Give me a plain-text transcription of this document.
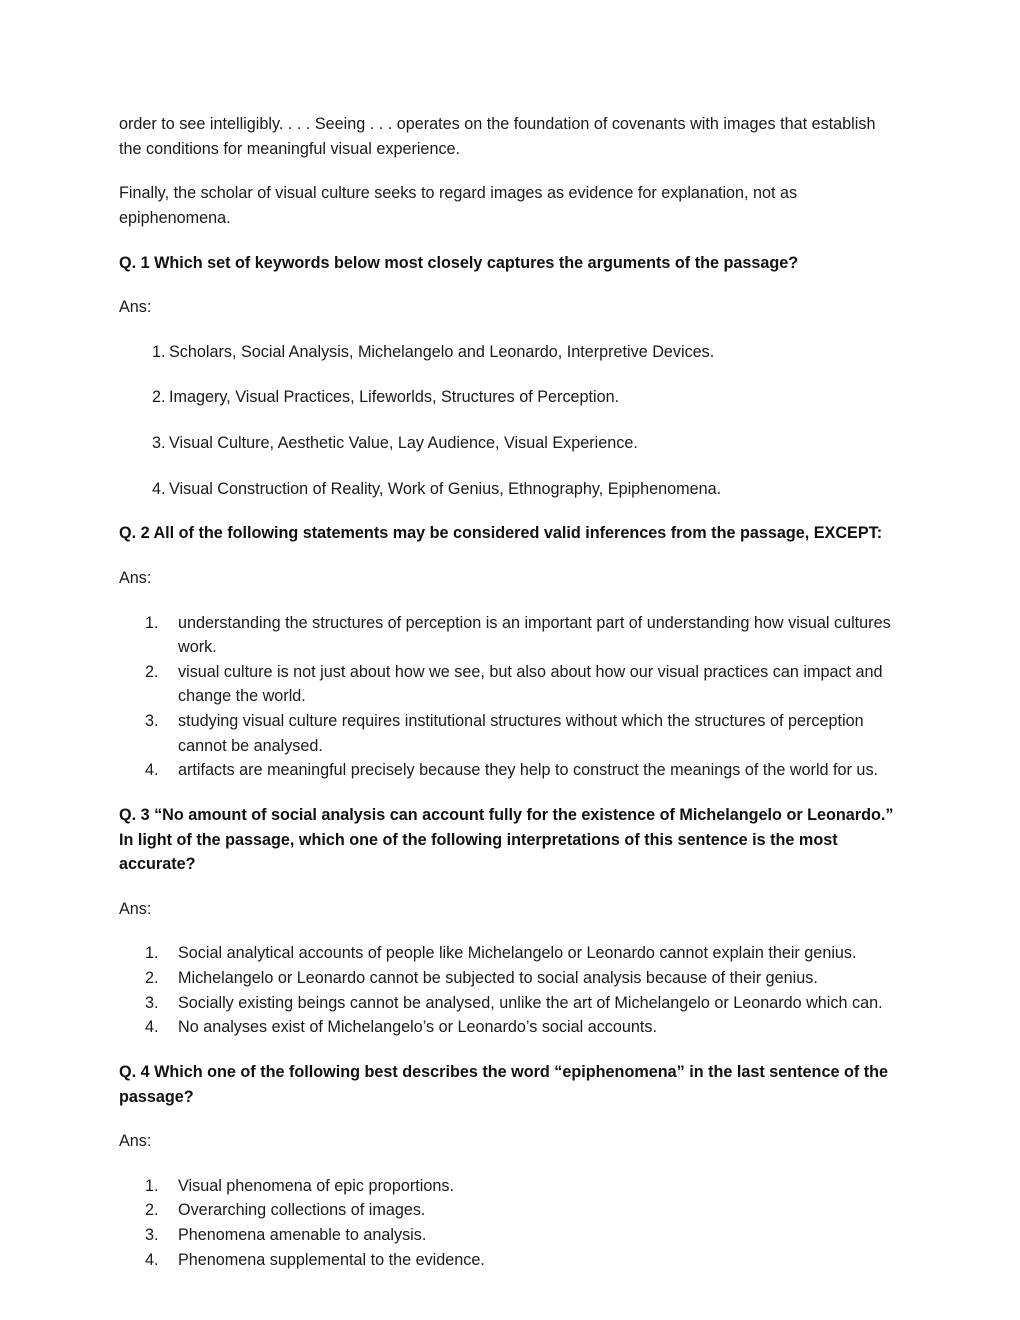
order to see intelligibly. . . . Seeing . . . operates on the foundation of covenants with images that establish the conditions for meaningful visual experience.

Finally, the scholar of visual culture seeks to regard images as evidence for explanation, not as epiphenomena.

Q. 1 Which set of keywords below most closely captures the arguments of the passage?

Ans:

1. Scholars, Social Analysis, Michelangelo and Leonardo, Interpretive Devices.
2. Imagery, Visual Practices, Lifeworlds, Structures of Perception.
3. Visual Culture, Aesthetic Value, Lay Audience, Visual Experience.
4. Visual Construction of Reality, Work of Genius, Ethnography, Epiphenomena.

Q. 2 All of the following statements may be considered valid inferences from the passage, EXCEPT:

Ans:

1.	understanding the structures of perception is an important part of understanding how visual cultures work.
2.	visual culture is not just about how we see, but also about how our visual practices can impact and change the world.
3.	studying visual culture requires institutional structures without which the structures of perception cannot be analysed.
4.	artifacts are meaningful precisely because they help to construct the meanings of the world for us.

Q. 3 “No amount of social analysis can account fully for the existence of Michelangelo or Leonardo.” In light of the passage, which one of the following interpretations of this sentence is the most accurate?

Ans:

1.	Social analytical accounts of people like Michelangelo or Leonardo cannot explain their genius.
2.	Michelangelo or Leonardo cannot be subjected to social analysis because of their genius.
3.	Socially existing beings cannot be analysed, unlike the art of Michelangelo or Leonardo which can.
4.	No analyses exist of Michelangelo’s or Leonardo’s social accounts.

Q. 4 Which one of the following best describes the word “epiphenomena” in the last sentence of the passage?

Ans:

1.	Visual phenomena of epic proportions.
2.	Overarching collections of images.
3.	Phenomena amenable to analysis.
4.	Phenomena supplemental to the evidence.
